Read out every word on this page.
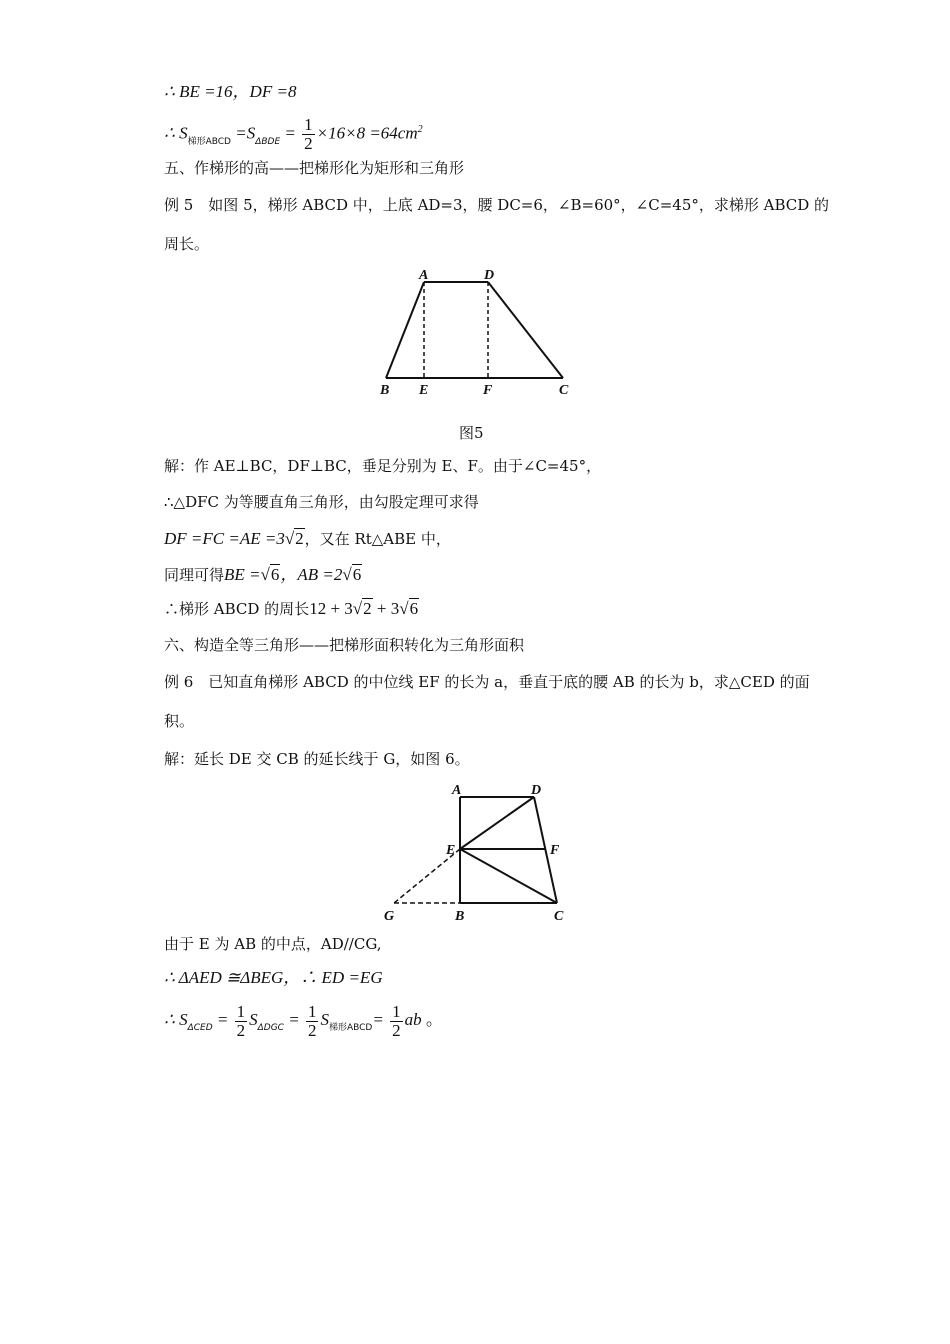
∴ BE =16，DF =8
∴ $S_{梯形ABCD} =S_{\Delta BDE} = \frac{1}{2} \times 16\times 8 =64cm^2$
五、作梯形的高——把梯形化为矩形和三角形
例 5　如图 5，梯形 ABCD 中，上底 AD=3，腰 DC=6，∠B=60°，∠C=45°，求梯形 ABCD 的
周长。
A	D
B E	F	C
图5
解：作 AE⊥BC，DF⊥BC，垂足分别为 E、F。由于∠C=45°，
∴△DFC 为等腰直角三角形，由勾股定理可求得
DF =FC =AE =3√2，又在 Rt△ABE 中，
同理可得BE =√6，AB =2√6
∴梯形 ABCD 的周长12 + 3√2 + 3√6
六、构造全等三角形——把梯形面积转化为三角形面积
例 6　已知直角梯形 ABCD 的中位线 EF 的长为 a，垂直于底的腰 AB 的长为 b，求△CED 的面
积。
解：延长 DE 交 CB 的延长线于 G，如图 6。
A	D
E	F
G	B	C
由于 E 为 AB 的中点，AD//CG,
∴ ΔAED ≅ΔBEG，∴ ED =EG
∴ $S_{\Delta CED} = \frac{1}{2} S_{\Delta DGC} = \frac{1}{2} S_{梯形ABCD}= \frac{1}{2}$ ab 。
